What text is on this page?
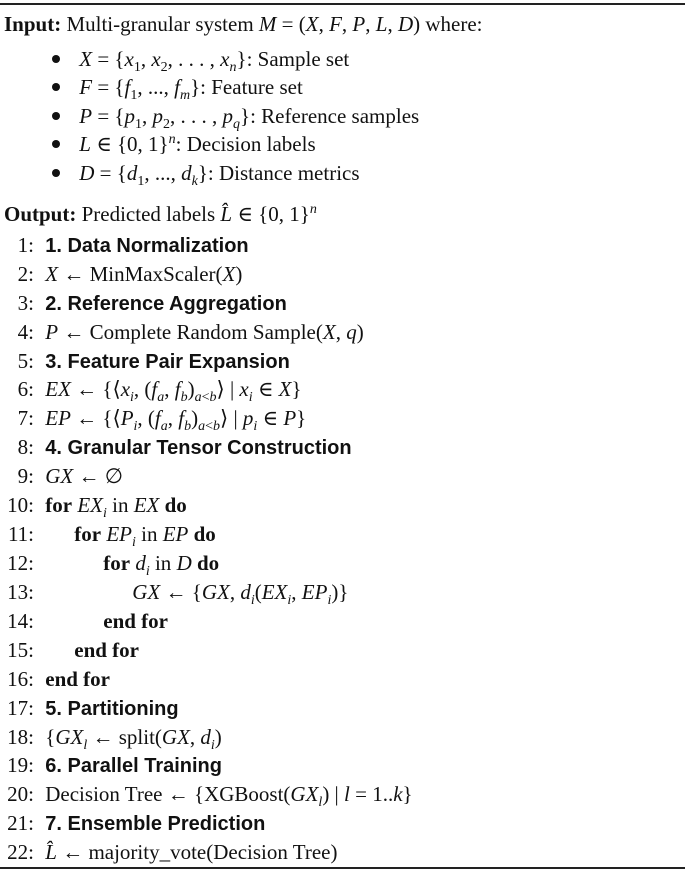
Input: Multi-granular system M = (X, F, P, L, D) where:
$X = \{x_1$, $x_2$, . . . , $x_n$}: Sample set
$F = \{f_1$, ..., $f_m$}: Feature set
$P = \{p_1$, $p_2$, . . . , $p_q$}: Reference samples
L ∈ {0, 1}$^n$: Decision labels
$D = \{d_1$, ..., $d_k$}: Distance metrics
Output: Predicted labels L̂ ∈ {0, 1}$^n$
1: 1. Data Normalization
2: X ← MinMaxScaler(X)
3: 2. Reference Aggregation
4: P ← Complete Random Sample(X, q)
5: 3. Feature Pair Expansion
6: EX ← {$⟨x_i$, ($f_a$, $f_b)_{a<b}⟩$ | $x_i$ ∈ X}
7: EP ← {$⟨P_i$, ($f_a$, $f_b)_{a<b}⟩$ | $p_i$ ∈ P}
8: 4. Granular Tensor Construction
9: GX ← ∅
10: for $EX_i$ in EX do
11: for $EP_i$ in EP do
12:	for $d_i$ in D do
13:	GX ← {GX, $d_i(EX_i$, $EP_i$)}
14:	end for
15: end for
16: end for
17: 5. Partitioning
18: {$GX_l$ ← split(GX, $d_i$)
19: 6. Parallel Training
20: Decision Tree ← {$XGBoost(GX_l)$ | l = 1..k}
21: 7. Ensemble Prediction
22: L̂ ← majority_vote(Decision Tree)
